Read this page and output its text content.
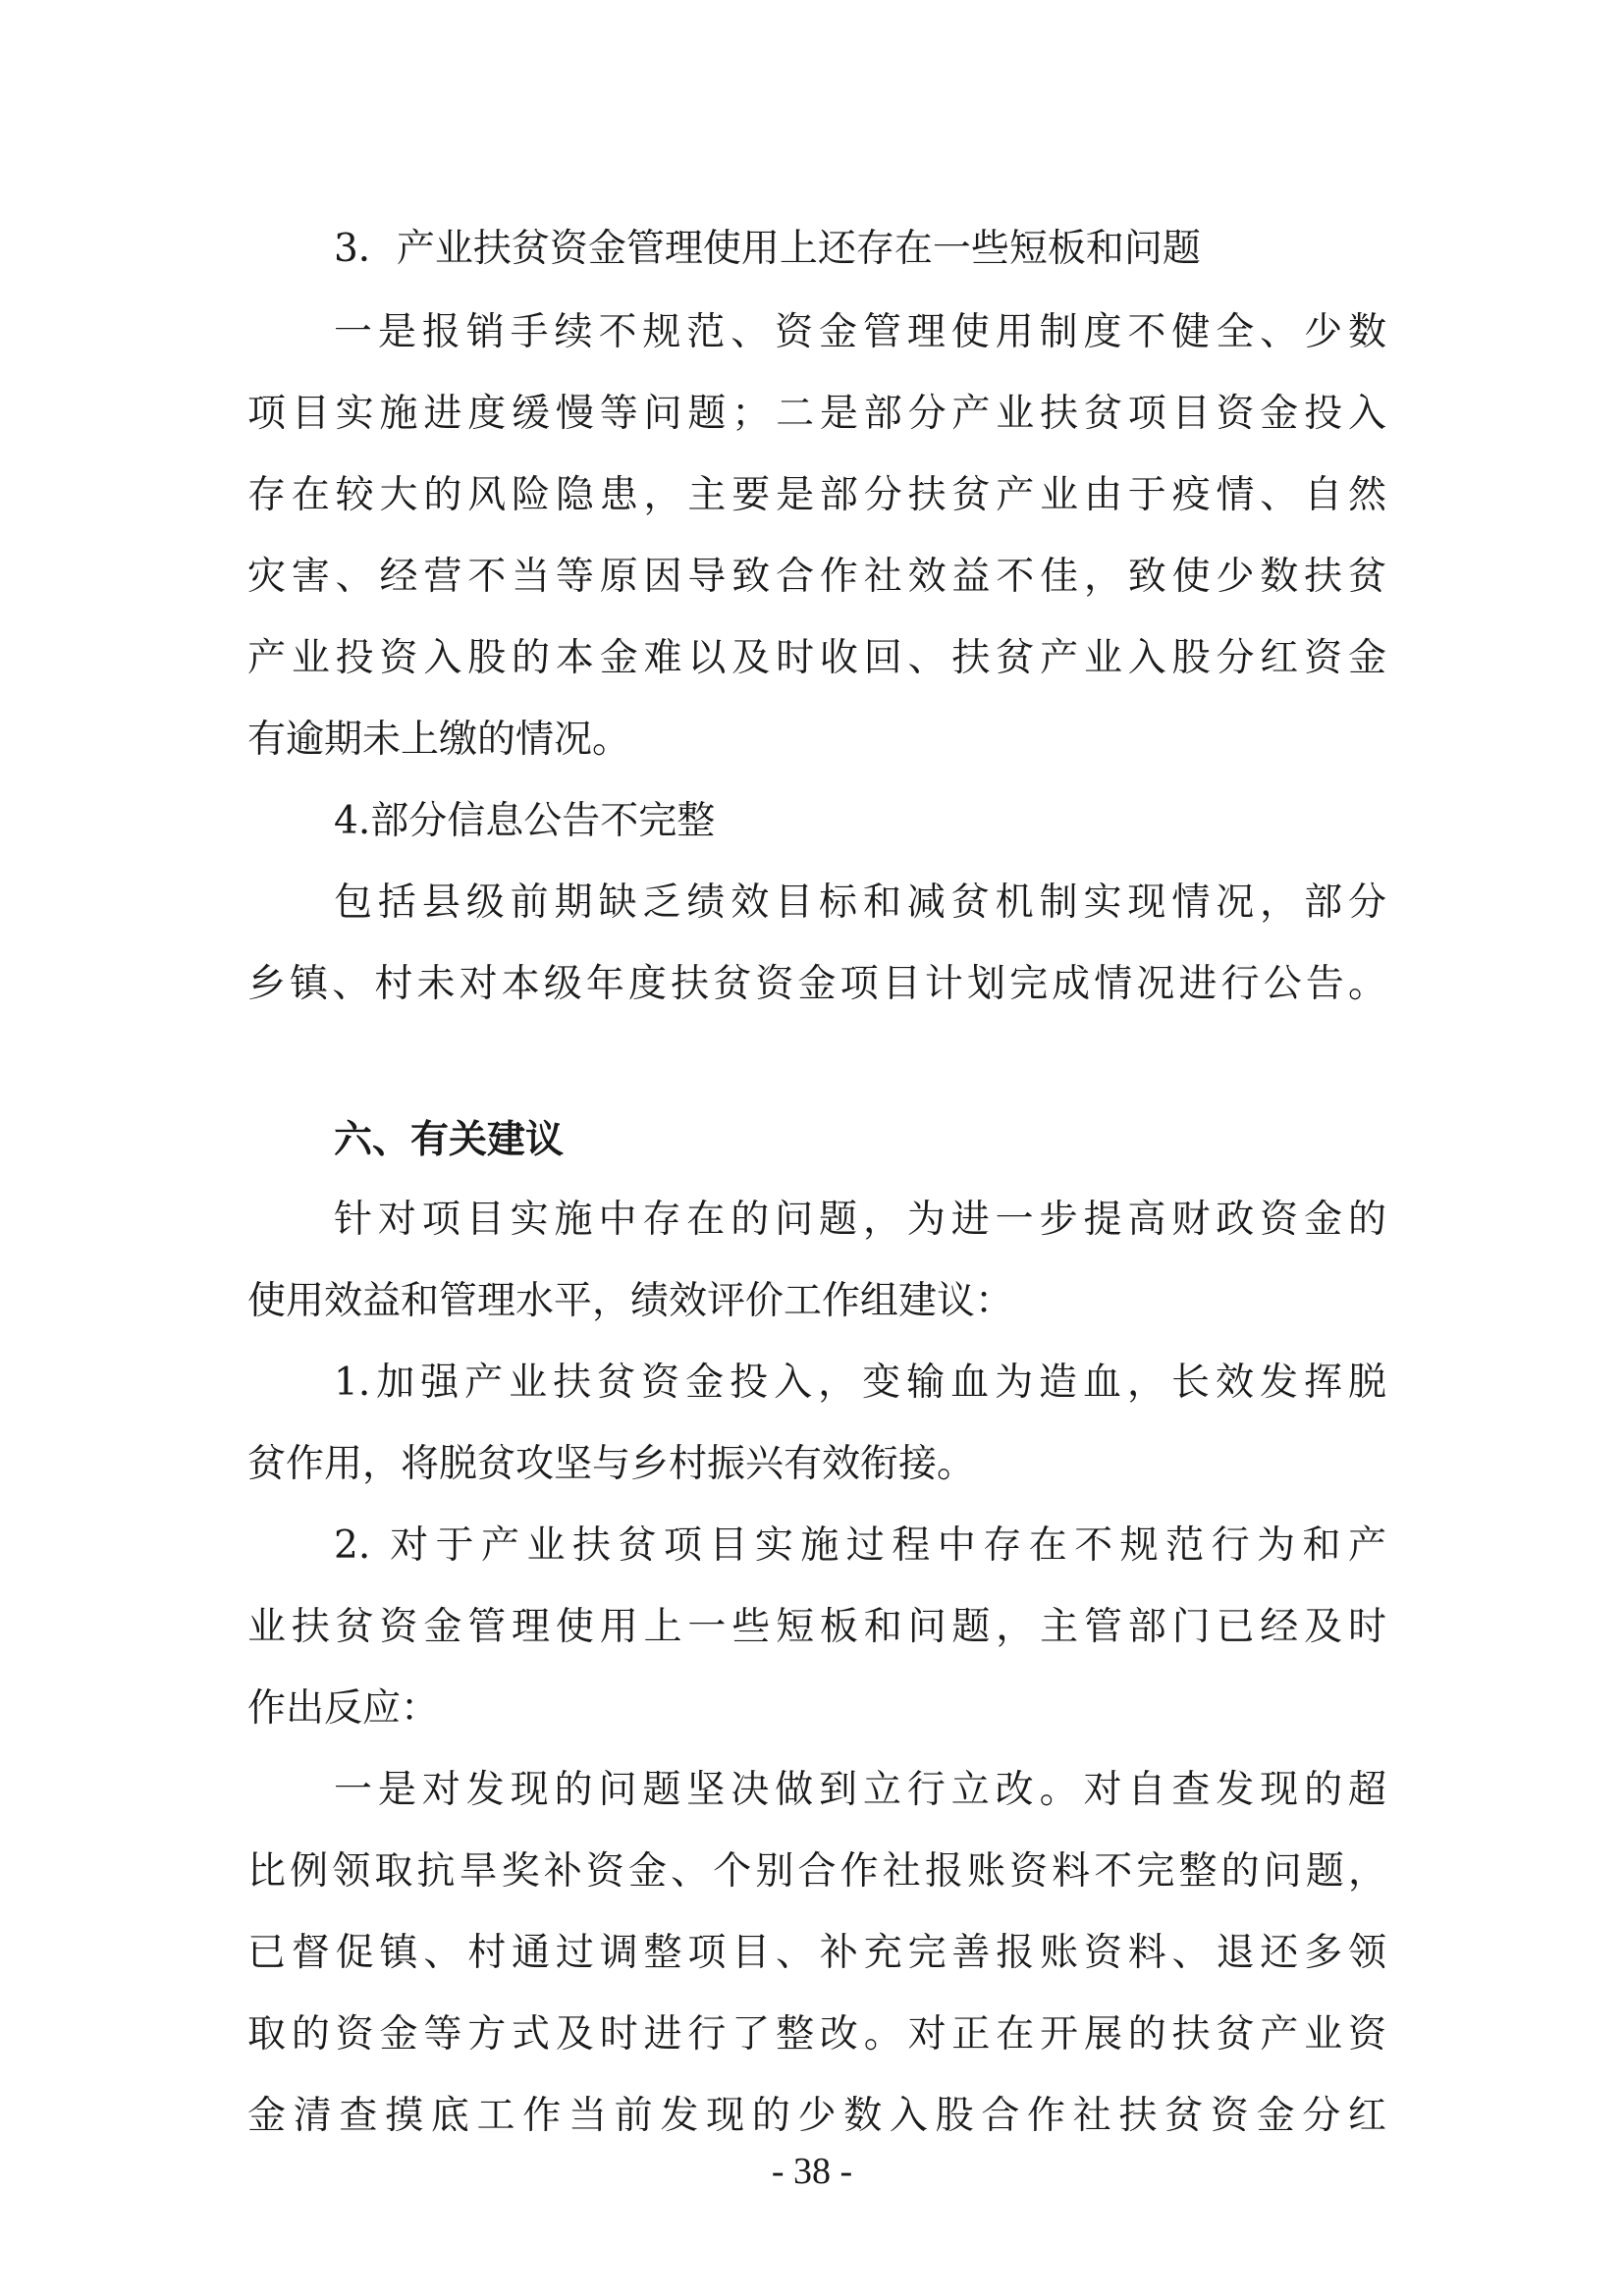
3．产业扶贫资金管理使用上还存在一些短板和问题
一是报销手续不规范、资金管理使用制度不健全、少数
项目实施进度缓慢等问题；二是部分产业扶贫项目资金投入
存在较大的风险隐患，主要是部分扶贫产业由于疫情、自然
灾害、经营不当等原因导致合作社效益不佳，致使少数扶贫
产业投资入股的本金难以及时收回、扶贫产业入股分红资金
有逾期未上缴的情况。
4.部分信息公告不完整
包括县级前期缺乏绩效目标和减贫机制实现情况，部分
乡镇、村未对本级年度扶贫资金项目计划完成情况进行公告。
六、有关建议
针对项目实施中存在的问题，为进一步提高财政资金的
使用效益和管理水平，绩效评价工作组建议：
1.加强产业扶贫资金投入，变输血为造血，长效发挥脱
贫作用，将脱贫攻坚与乡村振兴有效衔接。
2. 对于产业扶贫项目实施过程中存在不规范行为和产
业扶贫资金管理使用上一些短板和问题，主管部门已经及时
作出反应：
一是对发现的问题坚决做到立行立改。对自查发现的超
比例领取抗旱奖补资金、个别合作社报账资料不完整的问题，
已督促镇、村通过调整项目、补充完善报账资料、退还多领
取的资金等方式及时进行了整改。对正在开展的扶贫产业资
金清查摸底工作当前发现的少数入股合作社扶贫资金分红
- 38 -
